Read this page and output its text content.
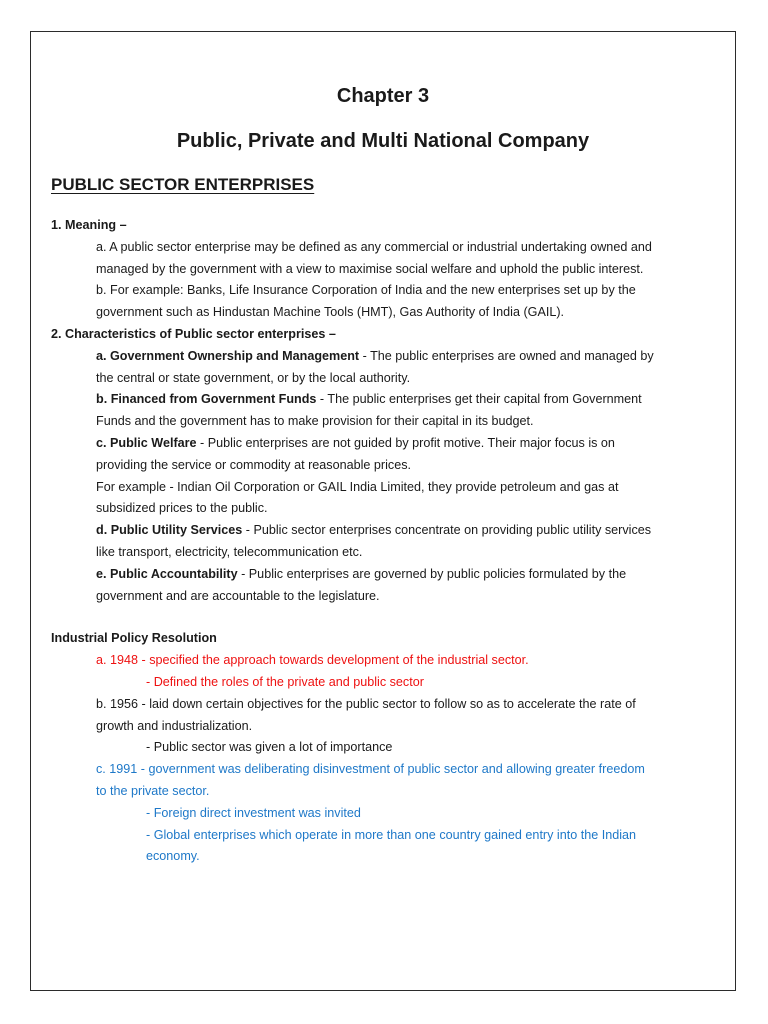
Chapter 3
Public, Private and Multi National Company
PUBLIC SECTOR ENTERPRISES
1. Meaning –
a. A public sector enterprise may be defined as any commercial or industrial undertaking owned and
managed by the government with a view to maximise social welfare and uphold the public interest.
b. For example: Banks, Life Insurance Corporation of India and the new enterprises set up by the
government such as Hindustan Machine Tools (HMT), Gas Authority of India (GAIL).
2. Characteristics of Public sector enterprises –
a. Government Ownership and Management - The public enterprises are owned and managed by
the central or state government, or by the local authority.
b. Financed from Government Funds - The public enterprises get their capital from Government
Funds and the government has to make provision for their capital in its budget.
c. Public Welfare - Public enterprises are not guided by profit motive. Their major focus is on
providing the service or commodity at reasonable prices.
For example - Indian Oil Corporation or GAIL India Limited, they provide petroleum and gas at
subsidized prices to the public.
d. Public Utility Services - Public sector enterprises concentrate on providing public utility services
like transport, electricity, telecommunication etc.
e. Public Accountability - Public enterprises are governed by public policies formulated by the
government and are accountable to the legislature.
Industrial Policy Resolution
a. 1948 - specified the approach towards development of the industrial sector.
- Defined the roles of the private and public sector
b. 1956 - laid down certain objectives for the public sector to follow so as to accelerate the rate of
growth and industrialization.
- Public sector was given a lot of importance
c. 1991 - government was deliberating disinvestment of public sector and allowing greater freedom
to the private sector.
- Foreign direct investment was invited
- Global enterprises which operate in more than one country gained entry into the Indian
economy.
